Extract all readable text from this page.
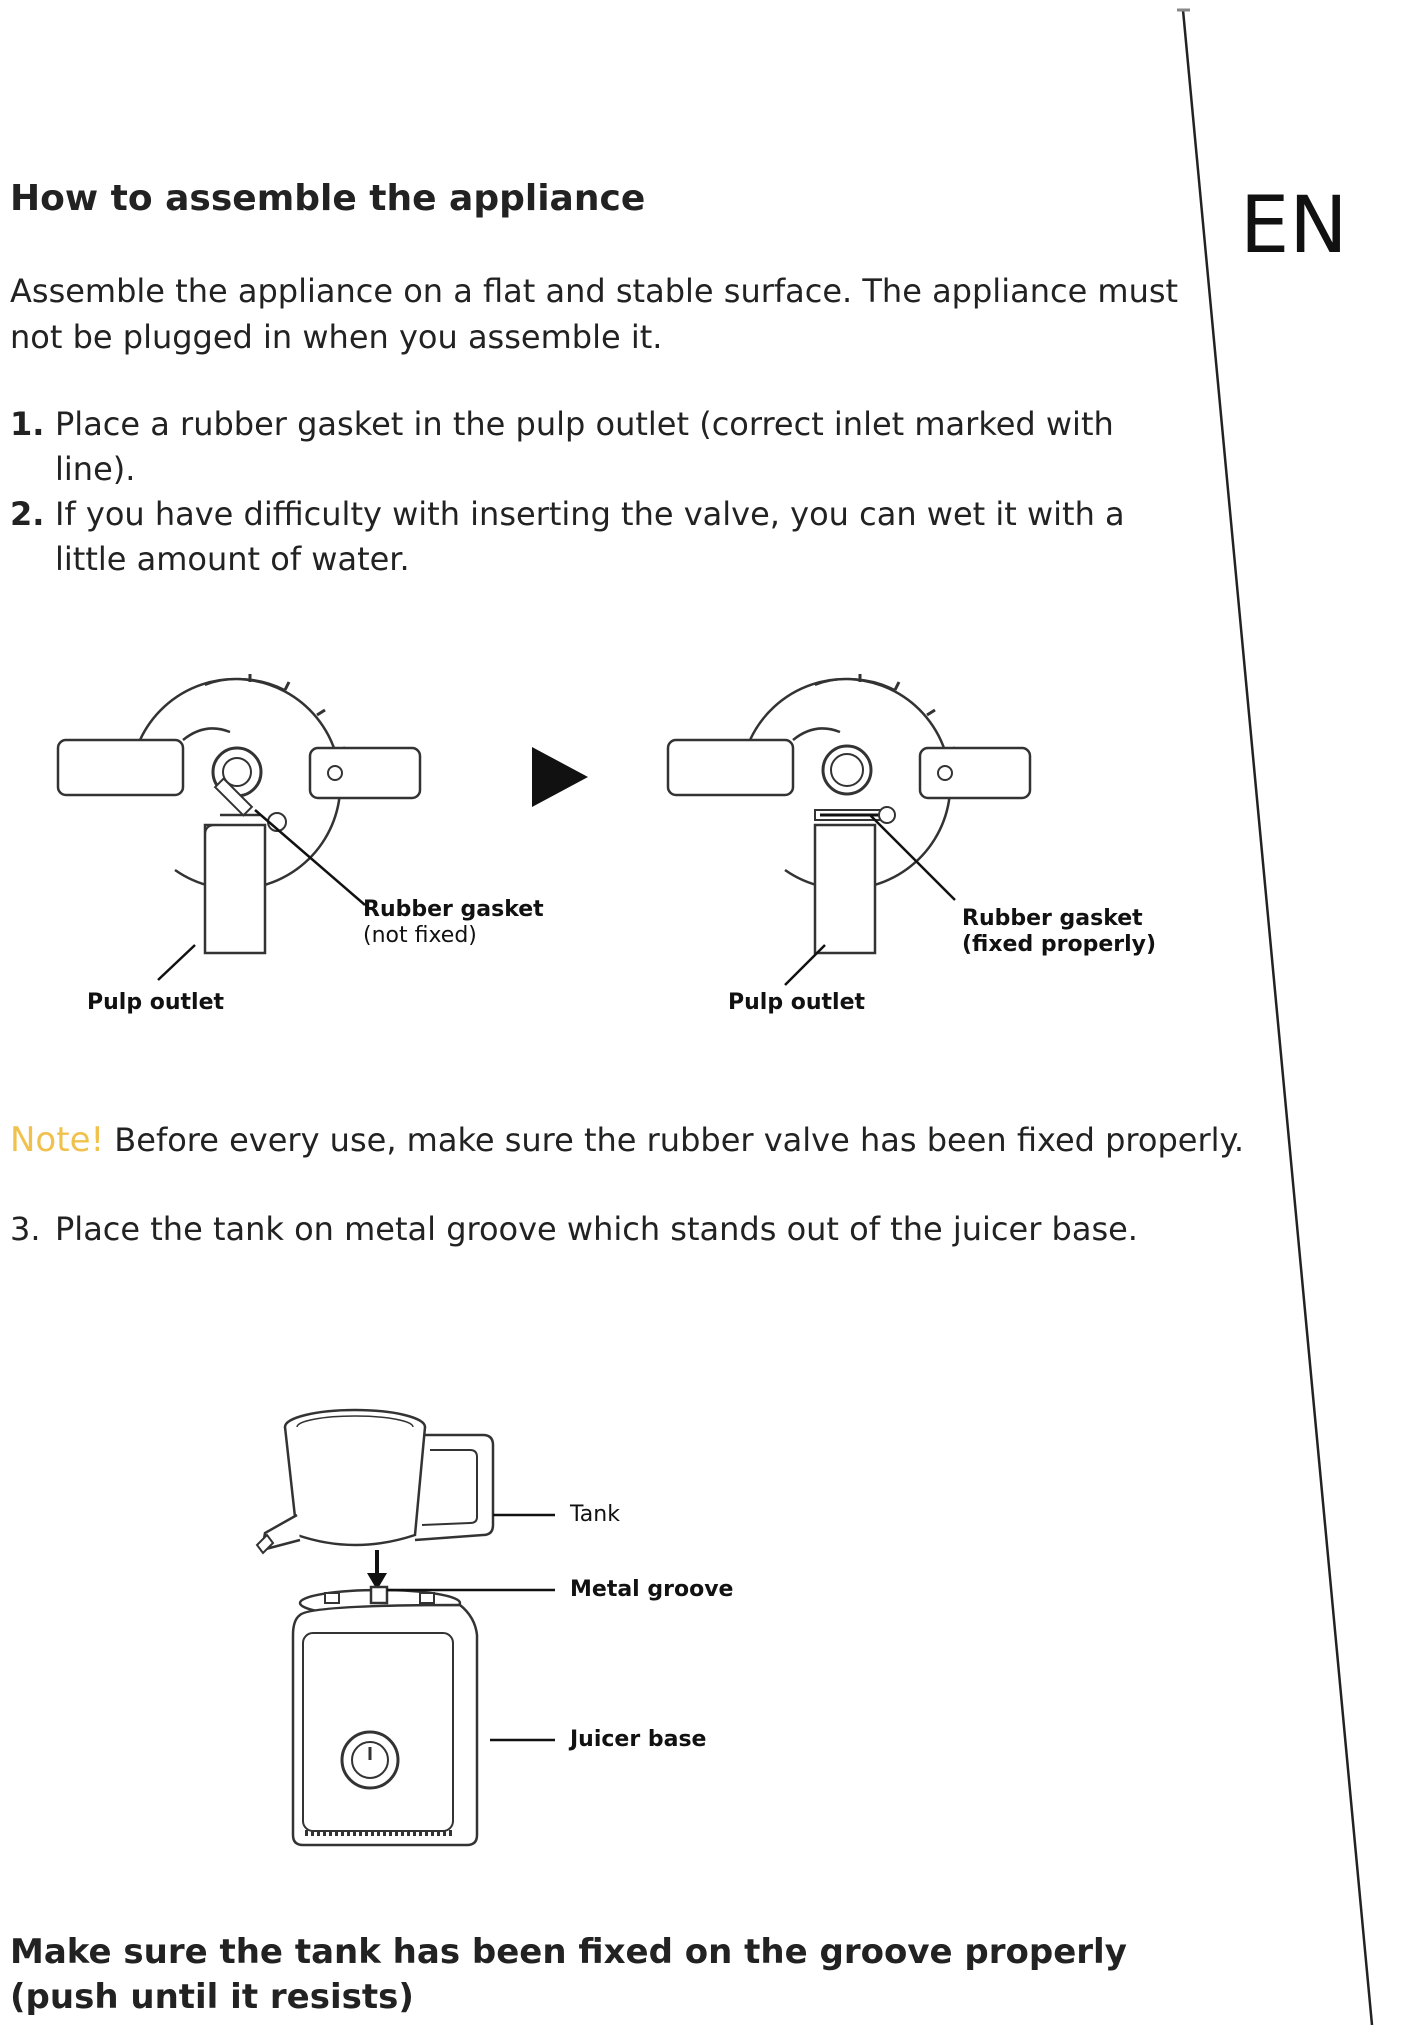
EN
How to assemble the appliance

Assemble the appliance on a flat and stable surface. The appliance must not be plugged in when you assemble it.

1. Place a rubber gasket in the pulp outlet (correct inlet marked with line).
2. If you have difficulty with inserting the valve, you can wet it with a little amount of water.
Rubber gasket
(not fixed)
Pulp outlet
Rubber gasket
(fixed properly)
Pulp outlet

Note! Before every use, make sure the rubber valve has been fixed properly.

3. Place the tank on metal groove which stands out of the juicer base.
Tank
Metal groove
Juicer base
Make sure the tank has been fixed on the groove properly
(push until it resists)
